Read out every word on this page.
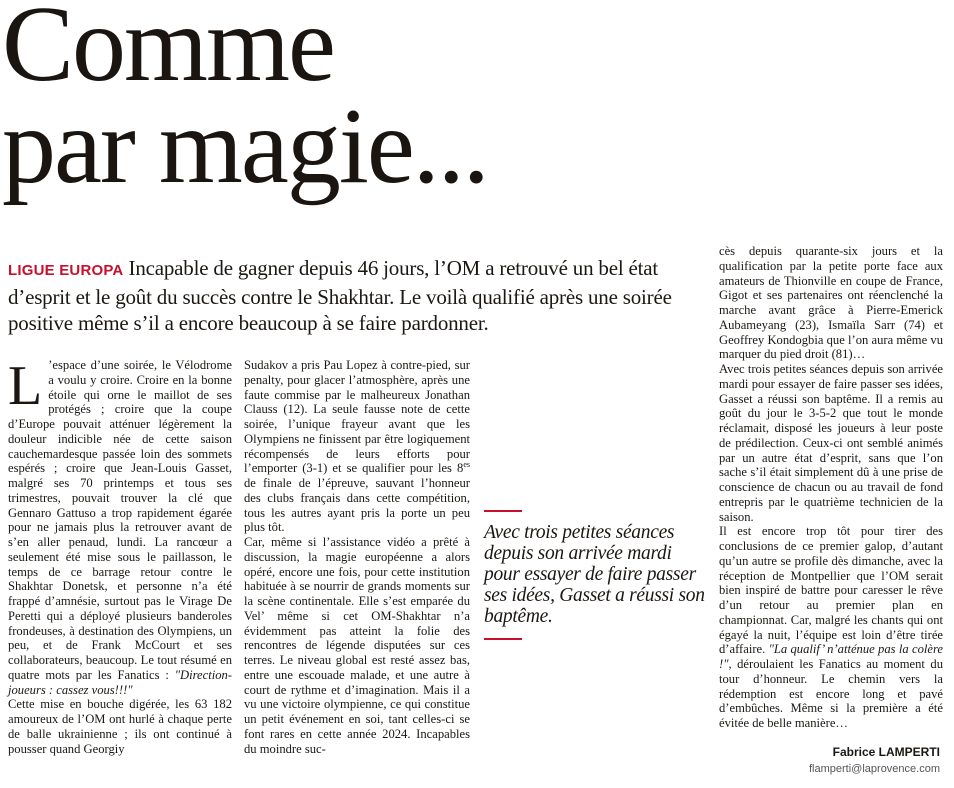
Comme
par magie...
LIGUE EUROPA Incapable de gagner depuis 46 jours, l’OM a retrouvé un bel état d’esprit et le goût du succès contre le Shakhtar. Le voilà qualifié après une soirée positive même s’il a encore beaucoup à se faire pardonner.

L ’espace d’une soirée, le Vélodrome a voulu y croire. Croire en la bonne étoile qui orne le maillot de ses protégés ; croire que la coupe d’Europe pouvait atténuer légèrement la douleur indicible née de cette saison cauchemardesque passée loin des sommets espérés ; croire que Jean-Louis Gasset, malgré ses 70 printemps et tous ses trimestres, pouvait trouver la clé que Gennaro Gattuso a trop rapidement égarée pour ne jamais plus la retrouver avant de s’en aller penaud, lundi. La rancœur a seulement été mise sous le paillasson, le temps de ce barrage retour contre le Shakhtar Donetsk, et personne n’a été frappé d’amnésie, surtout pas le Virage De Peretti qui a déployé plusieurs banderoles frondeuses, à destination des Olympiens, un peu, et de Frank McCourt et ses collaborateurs, beaucoup. Le tout résumé en quatre mots par les Fanatics : "Direction-joueurs : cassez vous!!!"

Cette mise en bouche digérée, les 63 182 amoureux de l’OM ont hurlé à chaque perte de balle ukrainienne ; ils ont continué à pousser quand Georgiy

Sudakov a pris Pau Lopez à contre-pied, sur penalty, pour glacer l’atmosphère, après une faute commise par le malheureux Jonathan Clauss (12). La seule fausse note de cette soirée, l’unique frayeur avant que les Olympiens ne finissent par être logiquement récompensés de leurs efforts pour l’emporter (3-1) et se qualifier pour les $8^{es}$ de finale de l’épreuve, sauvant l’honneur des clubs français dans cette compétition, tous les autres ayant pris la porte un peu plus tôt.

Car, même si l’assistance vidéo a prêté à discussion, la magie européenne a alors opéré, encore une fois, pour cette institution habituée à se nourrir de grands moments sur la scène continentale. Elle s’est emparée du Vel’ même si cet OM-Shakhtar n’a évidemment pas atteint la folie des rencontres de légende disputées sur ces terres. Le niveau global est resté assez bas, entre une escouade malade, et une autre à court de rythme et d’imagination. Mais il a vu une victoire olympienne, ce qui constitue un petit événement en soi, tant celles-ci se font rares en cette année 2024. Incapables du moindre suc-

Avec trois petites séances depuis son arrivée mardi pour essayer de faire passer ses idées, Gasset a réussi son baptême.

cès depuis quarante-six jours et la qualification par la petite porte face aux amateurs de Thionville en coupe de France, Gigot et ses partenaires ont réenclenché la marche avant grâce à Pierre-Emerick Aubameyang (23), Ismaïla Sarr (74) et Geoffrey Kondogbia que l’on aura même vu marquer du pied droit (81)…

Avec trois petites séances depuis son arrivée mardi pour essayer de faire passer ses idées, Gasset a réussi son baptême. Il a remis au goût du jour le 3-5-2 que tout le monde réclamait, disposé les joueurs à leur poste de prédilection. Ceux-ci ont semblé animés par un autre état d’esprit, sans que l’on sache s’il était simplement dû à une prise de conscience de chacun ou au travail de fond entrepris par le quatrième technicien de la saison.

Il est encore trop tôt pour tirer des conclusions de ce premier galop, d’autant qu’un autre se profile dès dimanche, avec la réception de Montpellier que l’OM serait bien inspiré de battre pour caresser le rêve d’un retour au premier plan en championnat. Car, malgré les chants qui ont égayé la nuit, l’équipe est loin d’être tirée d’affaire. "La qualif’ n’atténue pas la colère !", déroulaient les Fanatics au moment du tour d’honneur. Le chemin vers la rédemption est encore long et pavé d’embûches. Même si la première a été évitée de belle manière…

Fabrice LAMPERTI
flamperti@laprovence.com
